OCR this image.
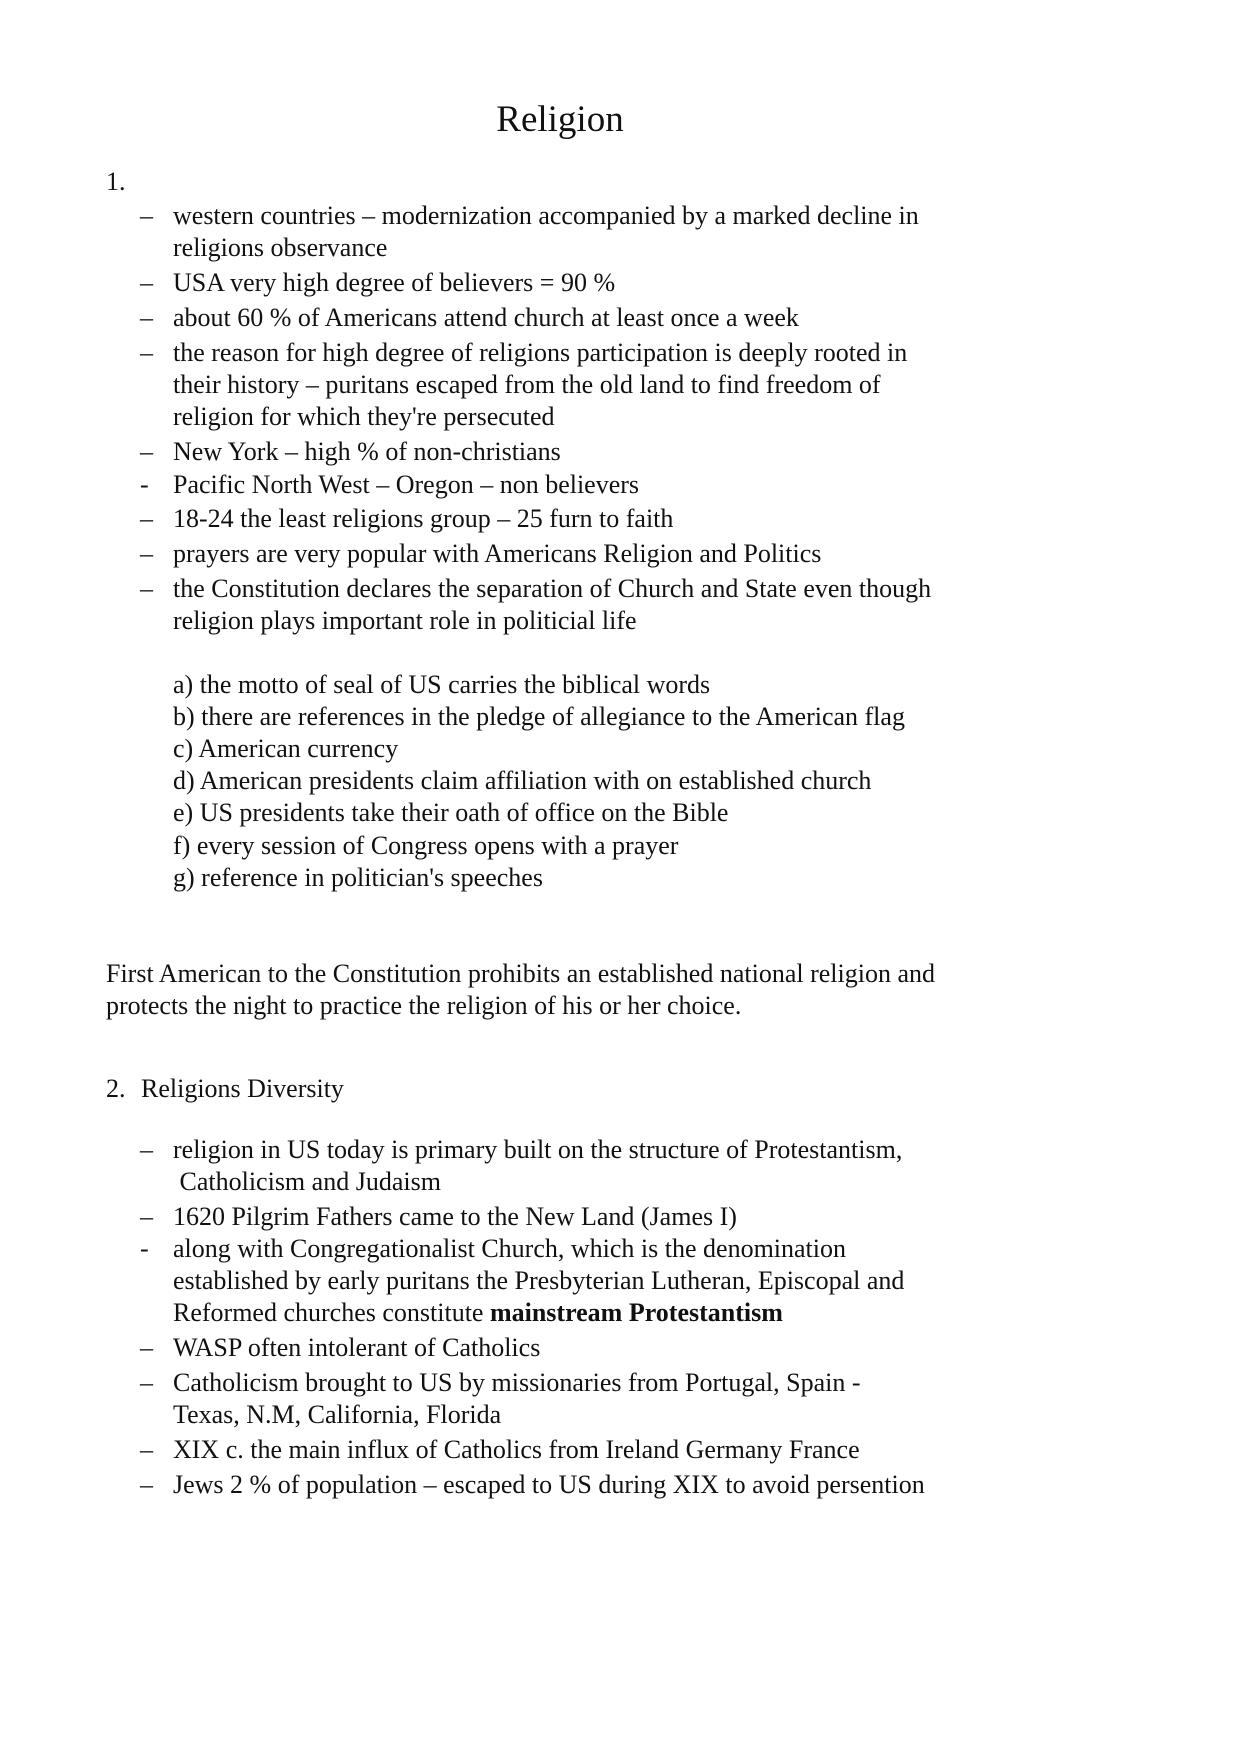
Religion
1.
– western countries – modernization accompanied by a marked decline in
religions observance
– USA very high degree of believers = 90 %
– about 60 % of Americans attend church at least once a week
– the reason for high degree of religions participation is deeply rooted in
their history – puritans escaped from the old land to find freedom of
religion for which they're persecuted
– New York – high % of non-christians
- Pacific North West – Oregon – non believers
– 18-24 the least religions group – 25 furn to faith
– prayers are very popular with Americans Religion and Politics
– the Constitution declares the separation of Church and State even though
religion plays important role in politicial life
a) the motto of seal of US carries the biblical words
b) there are references in the pledge of allegiance to the American flag
c) American currency
d) American presidents claim affiliation with on established church
e) US presidents take their oath of office on the Bible
f) every session of Congress opens with a prayer
g) reference in politician's speeches
First American to the Constitution prohibits an established national religion and
protects the night to practice the religion of his or her choice.
2. Religions Diversity
– religion in US today is primary built on the structure of Protestantism,
Catholicism and Judaism
– 1620 Pilgrim Fathers came to the New Land (James I)
- along with Congregationalist Church, which is the denomination
established by early puritans the Presbyterian Lutheran, Episcopal and
Reformed churches constitute mainstream Protestantism
– WASP often intolerant of Catholics
– Catholicism brought to US by missionaries from Portugal, Spain -
Texas, N.M, California, Florida
– XIX c. the main influx of Catholics from Ireland Germany France
– Jews 2 % of population – escaped to US during XIX to avoid persention
